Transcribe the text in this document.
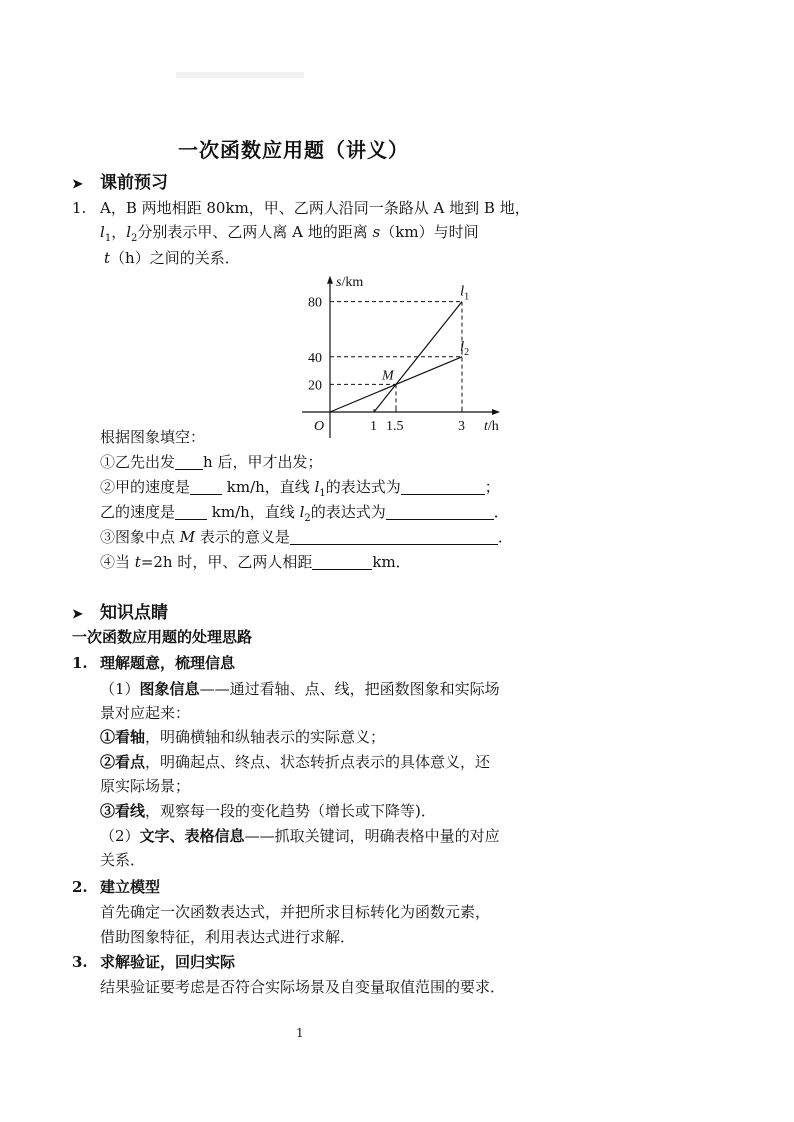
一次函数应用题（讲义）
➤ 课前预习
1. A，B 两地相距 80km，甲、乙两人沿同一条路从 A 地到 B 地，
$l_1$，$l_2$分别表示甲、乙两人离 A 地的距离 s（km）与时间
t（h）之间的关系．
$l_1$
$l_2$
M
1 1.5	3
20
40
80
O	t/h
s/km
根据图象填空：
①乙先出发 h 后，甲才出发；
②甲的速度是 km/h，直线 $l_1$的表达式为	；
乙的速度是 km/h，直线 $l_2$的表达式为	．
③图象中点 M 表示的意义是	．
④当 t=2h 时，甲、乙两人相距	km．
➤ 知识点睛
一次函数应用题的处理思路
1. 理解题意，梳理信息
（1）图象信息——通过看轴、点、线，把函数图象和实际场
景对应起来：
①看轴，明确横轴和纵轴表示的实际意义；
②看点，明确起点、终点、状态转折点表示的具体意义，还
原实际场景；
③看线，观察每一段的变化趋势（增长或下降等)．
（2）文字、表格信息——抓取关键词，明确表格中量的对应
关系．
2. 建立模型
首先确定一次函数表达式，并把所求目标转化为函数元素，
借助图象特征，利用表达式进行求解．
3. 求解验证，回归实际
结果验证要考虑是否符合实际场景及自变量取值范围的要求．
1
